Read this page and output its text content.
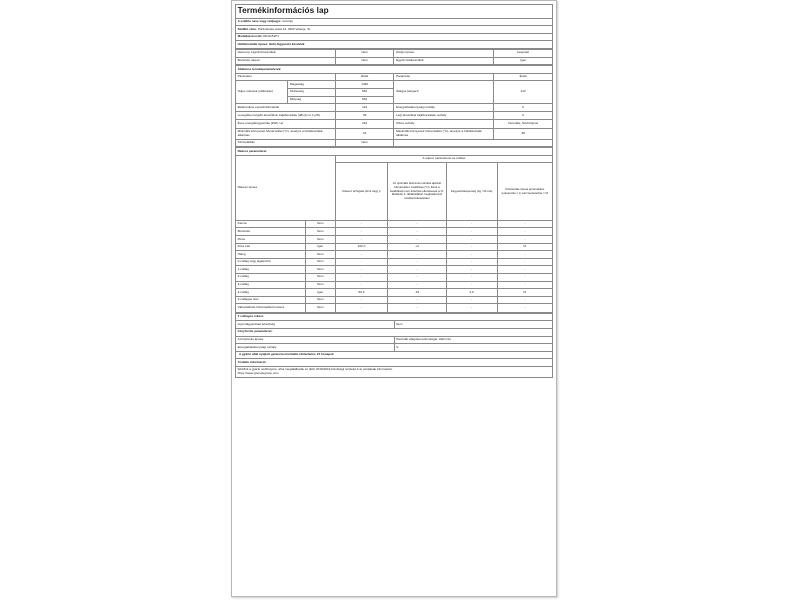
Termékinformációs lap
A szállító neve vagy védjegye: Gorenje
Szállító címe: Partizanska cesta 12, 3320 Velenje, SI
Modellazonosító: RKI4151P1
Hűtőkészülék típusa: Hűtő-fagyasztó készülék
Alacsony zajszintű készülék:	Nem	Dizájn típusa:	beépített
Bortároló rekesz:	Nem	Egyéb hűtőkészülék:	Igen
Általános termékparaméterek:				
Paraméter		Érték	Paraméter	Érték
Teljes méretek (milliméter)	Magasság	1440	Átlagos hangerő:	212
	Szélesség	540		
	Mélység	540		
Elektronikus exportinformációk		124	Energiahatékonysági osztály	F
Levegőben terjedő akusztikus zajkibocsátás (dB (A) re 1 pW)		39	Légi akusztikai zajkibocsátási osztály	C
Éves energiafogyasztás (kWh / a)		242	Klíma osztály:	Normális, Szubtrópusi
Minimális környezeti hőmérséklet (°C), amelyre a hűtőkészülék alkalmas		16	Maximális környezeti hőmérséklet (°C), amelyre a hűtőkészülék alkalmas	38
Téli beállítás		Nem		
Rekesz paraméterei:					
Rekesz típusa		A rekesz paraméterei és értékei			
		Rekesz térfogata (dm3 vagy l)	Az optimális élelmiszer-tárolás ajánlott hőmérséklet -beállítása (°C). Ezek a beállítások nem lehetnek ellentétesek a IV. Melléklet 3. táblázatában meghatározott tárolási feltételekkel	Fagyasztóképesség (kg / 24 óra)	Kiolvasztás típusa automatikus leolvasztás = A, kézi leolvasztás = M
Kamra	Nem	-	-	-	-
Bortároló	Nem	-	-	-	-
Pince	Nem	-	-	-	-
Friss étel	Igen	162,0	+4	-	M
Hideg	Nem	-	-	-	-
0-csillag vagy jégkészítő	Nem	-	-	-	-
1-csillag	Nem	-	-	-	-
2-csillag	Nem	-	-	-	-
3-csillag	Nem	-	-	-	-
4-csillag	Igen	50,0	-18	2,6	M
2-csillagos rész	Nem	-	-	-	-
Változtatható hőmérsékletű rekesz	Nem	-	-	-	-
4 csillagos rekesz	
Gyorsfagyasztási lehetőség	Nem
Fényforrás paraméterei:	
A fényforrás típusa:	Használt világítási technológia: LED izzó
Energiahatékonysági osztály	G
A gyártó által nyújtott garancia minimális időtartama: 24 hónapok	
További információ:	
Weblink a gyártó webhelyére, ahol megtalálhatók az (EU) 2019/2019 bizottsági rendelet 4.a) pontjának információi:
https://www.gorenjegroup.com	
